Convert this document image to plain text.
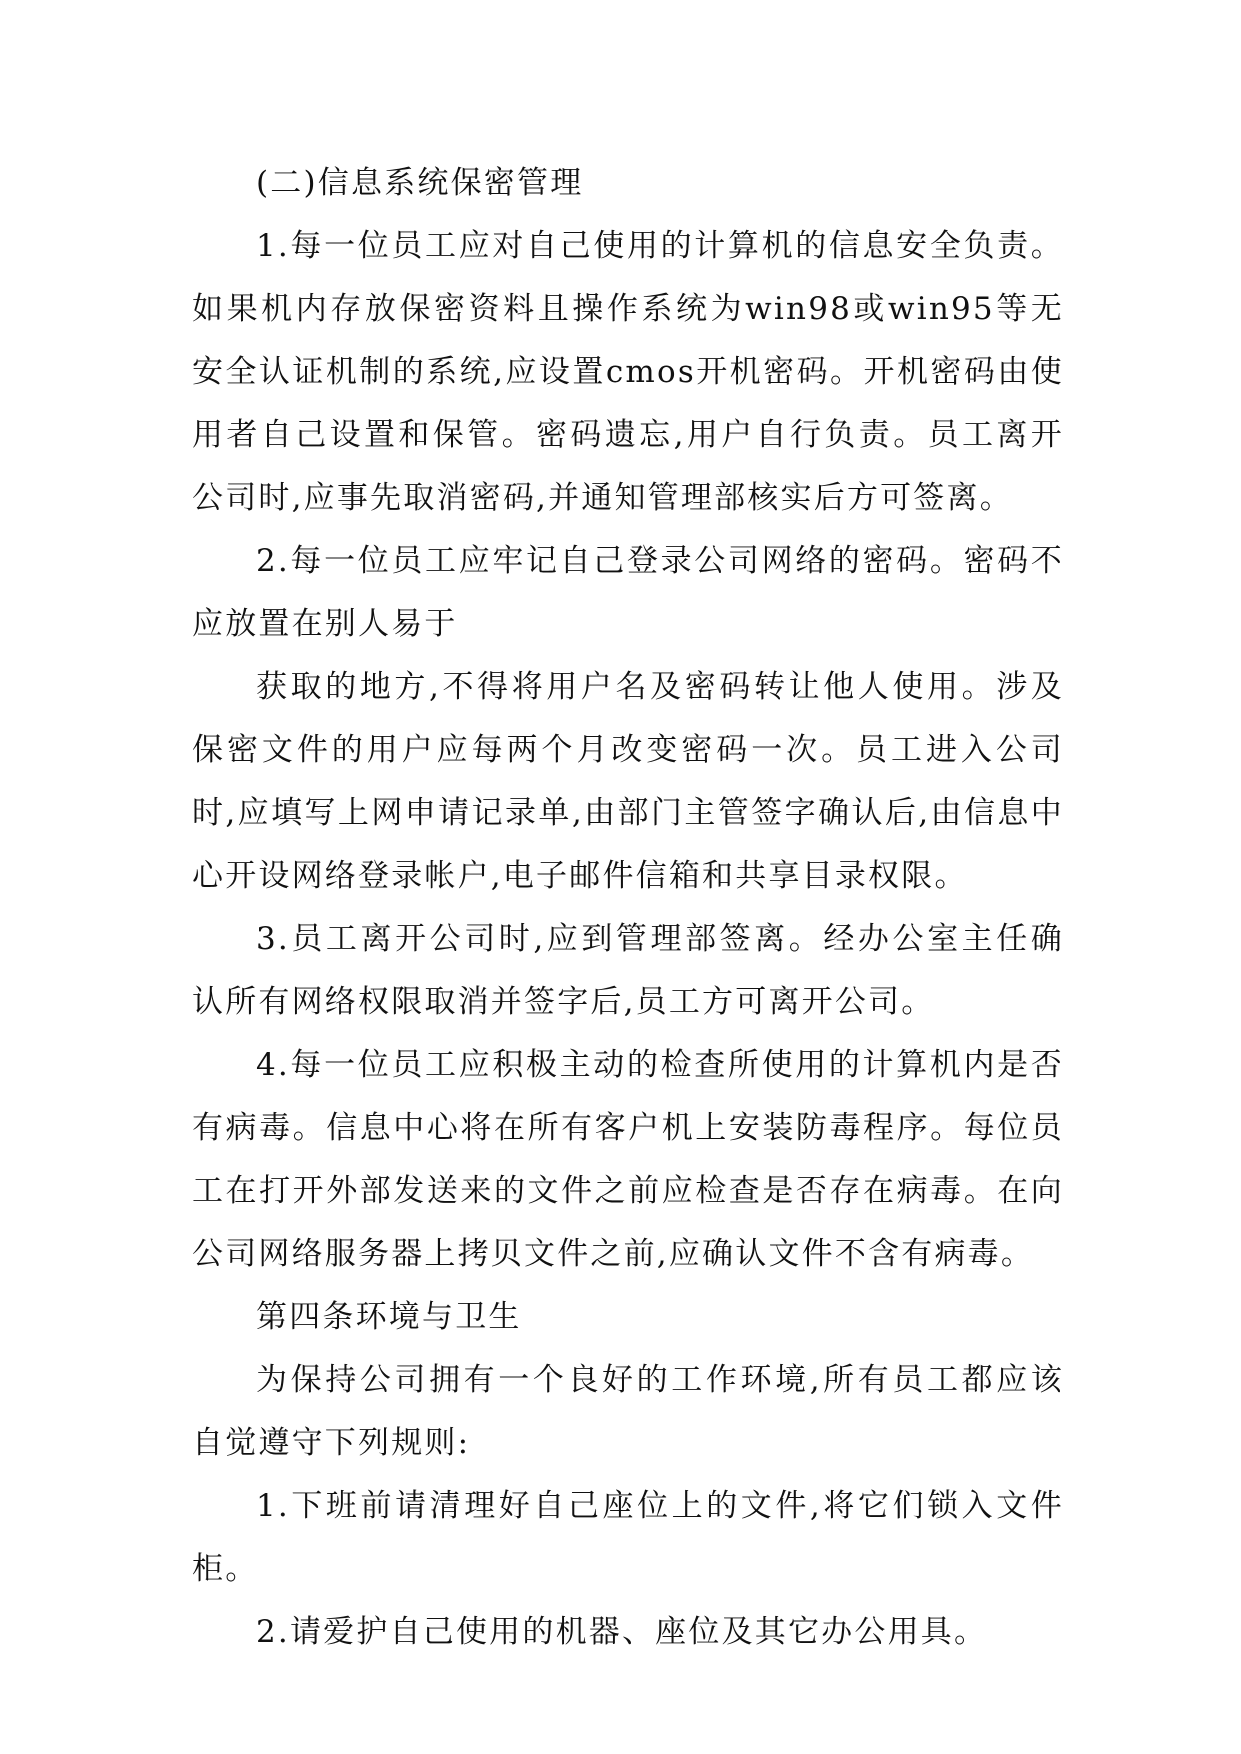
(二)信息系统保密管理

1.每一位员工应对自己使用的计算机的信息安全负责。如果机内存放保密资料且操作系统为win98或win95等无安全认证机制的系统,应设置cmos开机密码。开机密码由使用者自己设置和保管。密码遗忘,用户自行负责。员工离开公司时,应事先取消密码,并通知管理部核实后方可签离。

2.每一位员工应牢记自己登录公司网络的密码。密码不应放置在别人易于

获取的地方,不得将用户名及密码转让他人使用。涉及保密文件的用户应每两个月改变密码一次。员工进入公司时,应填写上网申请记录单,由部门主管签字确认后,由信息中心开设网络登录帐户,电子邮件信箱和共享目录权限。

3.员工离开公司时,应到管理部签离。经办公室主任确认所有网络权限取消并签字后,员工方可离开公司。

4.每一位员工应积极主动的检查所使用的计算机内是否有病毒。信息中心将在所有客户机上安装防毒程序。每位员工在打开外部发送来的文件之前应检查是否存在病毒。在向公司网络服务器上拷贝文件之前,应确认文件不含有病毒。

第四条环境与卫生

为保持公司拥有一个良好的工作环境,所有员工都应该自觉遵守下列规则:

1.下班前请清理好自己座位上的文件,将它们锁入文件柜。

2.请爱护自己使用的机器、座位及其它办公用具。
